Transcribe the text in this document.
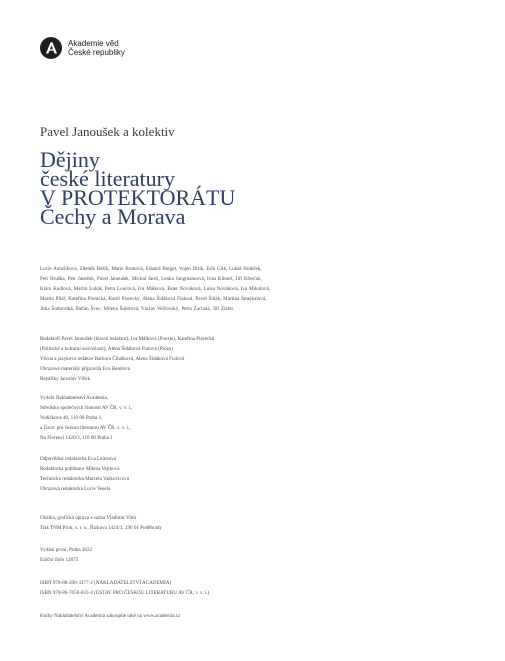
Akademie věd
České republiky
Pavel Janoušek a kolektiv
Dějiny
české literatury
V PROTEKTORÁTU
Čechy a Morava
Lucie Antošíková, Zdeněk Bešík, Marie Brunová, Eduard Burget, Vojen Drlík, Erik Gilk, Lukáš Holeček,
Petr Hruška, Petr Janeček, Pavel Janoušek, Michal Jareš, Lenka Jungmannová, Ivan Klimeš, Jiří Křesťan,
Klára Kudlová, Martin Lukáš, Petra Loučová, Iva Málková, Ester Nováková, Luisa Nováková, Iva Mikulová,
Martin Pilař, Kateřina Piorecká, Karel Piorecký, Alena Šidáková Fialová, Pavel Šidák, Martina Šmejkalová,
Jitka Šotkovská, Štefan Švec, Milena Šubrtová, Václav Velčovský, Petra Zachalá, Jiří Zízler
Redaktoři Pavel Janoušek (hlavní redaktor), Iva Málková (Poezie), Kateřina Piorecká
(Politické a kulturní souvislosti), Alena Šidáková Fialová (Próza)
Věcná a jazyková redakce Barbora Čihálková, Alena Šidáková Fialová
Obrazové materiály připravila Eva Bendová
Rejstříky Jaroslav Vlček
Vydalo Nakladatelství Academia,
Středisko společných činností AV ČR, v. v. i.,
Vodičkova 40, 110 00 Praha 1,
a Ústav pro českou literaturu AV ČR, v. v. i.,
Na Florenci 1420/3, 110 00 Praha 1
Odpovědná redaktorka Eva Leinzová
Redaktorka publikace Milena Vejtková
Technická redaktorka Marcela Vaškovicová
Obrazová redaktorka Lucie Veselá
Obálka, grafická úprava a sazba Vladimír Vimr
Tisk TNM Print, s. r. o., Řízkova 1424/3, 290 01 Poděbrady
Vydání první, Praha 2022
Ediční číslo 12875
ISBN 978-80-200-3377-2 (NAKLADATELSTVÍ ACADEMIA)
ISBN 978-80-7658-033-4 (ÚSTAV PRO ČESKOU LITERATURU AV ČR, v. v. i.)
Knihy Nakladatelství Academia zakoupíte také na www.academia.cz
